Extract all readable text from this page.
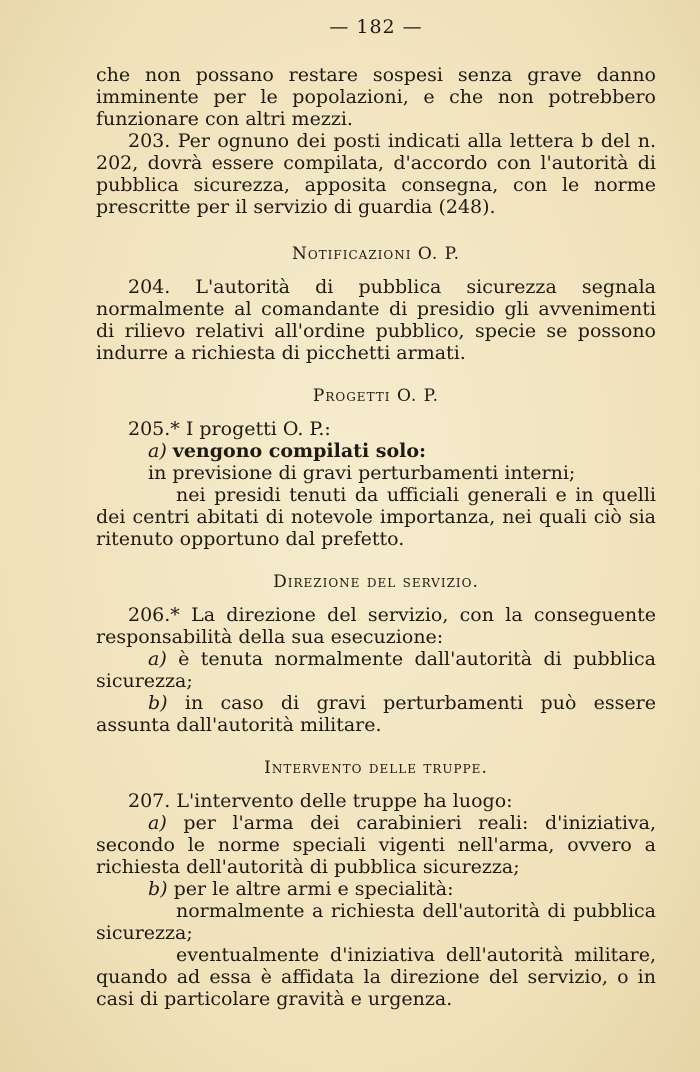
— 182 —

che non possano restare sospesi senza grave danno imminente per le popolazioni, e che non potrebbero funzionare con altri mezzi.

203. Per ognuno dei posti indicati alla lettera b del n. 202, dovrà essere compilata, d'accordo con l'autorità di pubblica sicurezza, apposita consegna, con le norme prescritte per il servizio di guardia (248).

Notificazioni O. P.

204. L'autorità di pubblica sicurezza segnala normalmente al comandante di presidio gli avvenimenti di rilievo relativi all'ordine pubblico, specie se possono indurre a richiesta di picchetti armati.

Progetti O. P.

205.* I progetti O. P.:

a) vengono compilati solo:

in previsione di gravi perturbamenti interni;

nei presidi tenuti da ufficiali generali e in quelli dei centri abitati di notevole importanza, nei quali ciò sia ritenuto opportuno dal prefetto.

Direzione del servizio.

206.* La direzione del servizio, con la conseguente responsabilità della sua esecuzione:

a) è tenuta normalmente dall'autorità di pubblica sicurezza;

b) in caso di gravi perturbamenti può essere assunta dall'autorità militare.

Intervento delle truppe.

207. L'intervento delle truppe ha luogo:

a) per l'arma dei carabinieri reali: d'iniziativa, secondo le norme speciali vigenti nell'arma, ovvero a richiesta dell'autorità di pubblica sicurezza;

b) per le altre armi e specialità:

normalmente a richiesta dell'autorità di pubblica sicurezza;

eventualmente d'iniziativa dell'autorità militare, quando ad essa è affidata la direzione del servizio, o in casi di particolare gravità e urgenza.
